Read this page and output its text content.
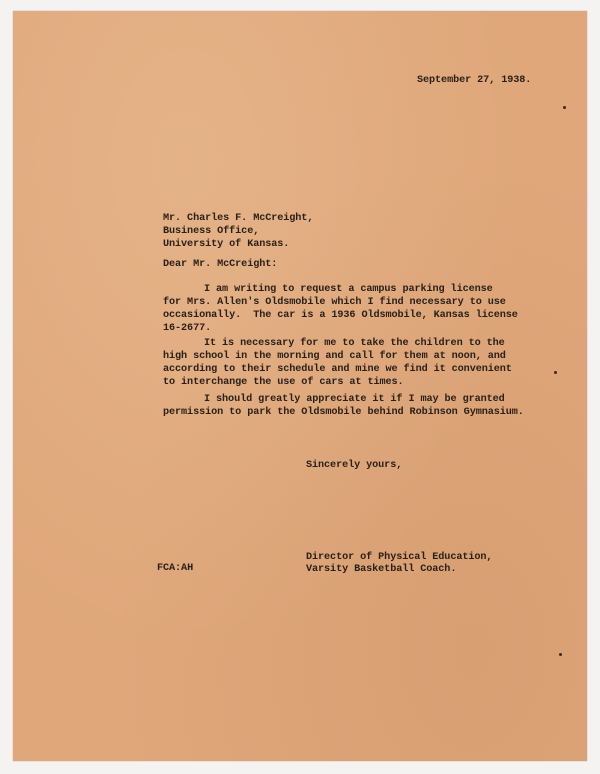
September 27, 1938.
Mr. Charles F. McCreight,
Business Office,
University of Kansas.
Dear Mr. McCreight:
I am writing to request a campus parking license
for Mrs. Allen's Oldsmobile which I find necessary to use
occasionally.  The car is a 1936 Oldsmobile, Kansas license
16-2677.
It is necessary for me to take the children to the
high school in the morning and call for them at noon, and
according to their schedule and mine we find it convenient
to interchange the use of cars at times.
I should greatly appreciate it if I may be granted
permission to park the Oldsmobile behind Robinson Gymnasium.
Sincerely yours,
Director of Physical Education,
Varsity Basketball Coach.
FCA:AH
